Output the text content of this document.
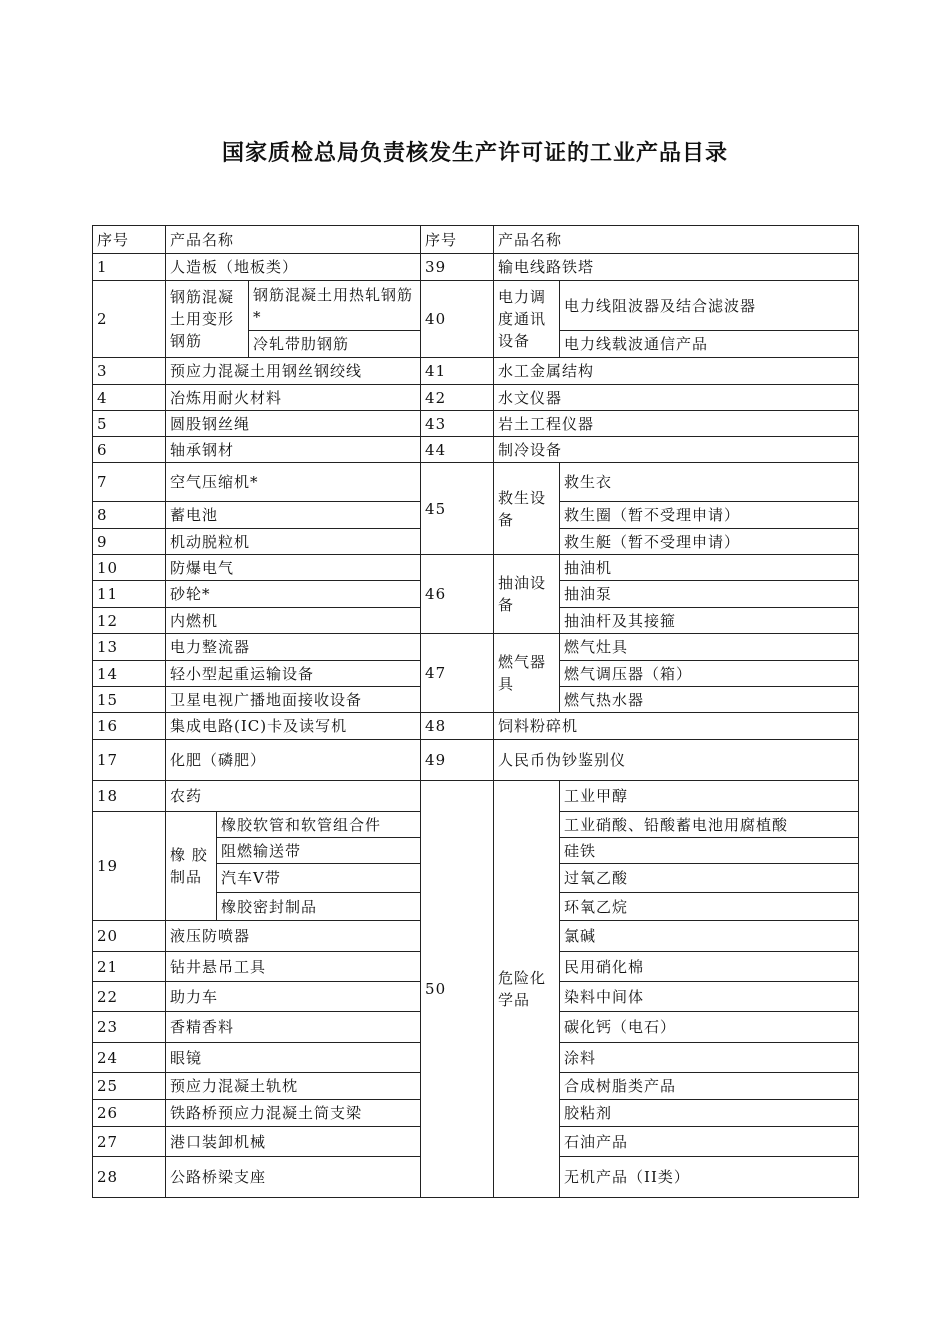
国家质检总局负责核发生产许可证的工业产品目录
序号	产品名称			序号	产品名称	
1	人造板（地板类）			39	输电线路铁塔	
2	钢筋混凝土用变形钢筋		钢筋混凝土用热轧钢筋*	40	电力调度通讯设备	电力线阻波器及结合滤波器
			冷轧带肋钢筋			电力线载波通信产品
3	预应力混凝土用钢丝钢绞线			41	水工金属结构	
4	冶炼用耐火材料			42	水文仪器	
5	圆股钢丝绳			43	岩土工程仪器	
6	轴承钢材			44	制冷设备	
7	空气压缩机*			45	救生设备	救生衣
8	蓄电池					救生圈（暂不受理申请）
9	机动脱粒机					救生艇（暂不受理申请）
10	防爆电气			46	抽油设备	抽油机
11	砂轮*					抽油泵
12	内燃机					抽油杆及其接箍
13	电力整流器			47	燃气器具	燃气灶具
14	轻小型起重运输设备					燃气调压器（箱）
15	卫星电视广播地面接收设备					燃气热水器
16	集成电路(IC)卡及读写机			48	饲料粉碎机	
17	化肥（磷肥）			49	人民币伪钞鉴别仪	
18	农药			50	危险化学品	工业甲醇
19	橡 胶 制品	橡胶软管和软管组合件				工业硝酸、铅酸蓄电池用腐植酸
		阻燃输送带				硅铁
		汽车V带				过氧乙酸
		橡胶密封制品				环氧乙烷
20	液压防喷器					氯碱
21	钻井悬吊工具					民用硝化棉
22	助力车					染料中间体
23	香精香料					碳化钙（电石）
24	眼镜					涂料
25	预应力混凝土轨枕					合成树脂类产品
26	铁路桥预应力混凝土筒支梁					胶粘剂
27	港口装卸机械					石油产品
28	公路桥梁支座					无机产品（II类）
